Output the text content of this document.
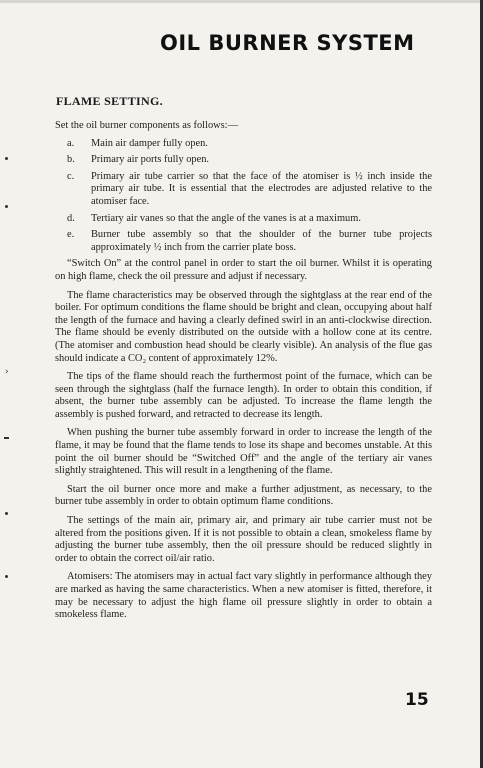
›
OIL BURNER SYSTEM
FLAME SETTING.

Set the oil burner components as follows:—

a.	Main air damper fully open.
b.	Primary air ports fully open.
c.	Primary air tube carrier so that the face of the atomiser is ½ inch inside the primary air tube. It is essential that the electrodes are adjusted relative to the atomiser face.
d.	Tertiary air vanes so that the angle of the vanes is at a maximum.
e.	Burner tube assembly so that the shoulder of the burner tube projects approximately ½ inch from the carrier plate boss.

“Switch On” at the control panel in order to start the oil burner. Whilst it is operating on high flame, check the oil pressure and adjust if necessary.

The flame characteristics may be observed through the sightglass at the rear end of the boiler. For optimum conditions the flame should be bright and clean, occupying about half the length of the furnace and having a clearly defined swirl in an anti-clockwise direction. The flame should be evenly distributed on the outside with a hollow cone at its centre. (The atomiser and combustion head should be clearly visible). An analysis of the flue gas should indicate a CO₂ content of approximately 12%.

The tips of the flame should reach the furthermost point of the furnace, which can be seen through the sightglass (half the furnace length). In order to obtain this condition, if absent, the burner tube assembly can be adjusted. To increase the flame length the assembly is pushed forward, and retracted to decrease its length.

When pushing the burner tube assembly forward in order to increase the length of the flame, it may be found that the flame tends to lose its shape and becomes unstable. At this point the oil burner should be “Switched Off” and the angle of the tertiary air vanes slightly straightened. This will result in a lengthening of the flame.

Start the oil burner once more and make a further adjustment, as necessary, to the burner tube assembly in order to obtain optimum flame conditions.

The settings of the main air, primary air, and primary air tube carrier must not be altered from the positions given. If it is not possible to obtain a clean, smokeless flame by adjusting the burner tube assembly, then the oil pressure should be reduced slightly in order to obtain the correct oil/air ratio.

Atomisers: The atomisers may in actual fact vary slightly in performance although they are marked as having the same characteristics. When a new atomiser is fitted, therefore, it may be necessary to adjust the high flame oil pressure slightly in order to obtain a smokeless flame.

15
